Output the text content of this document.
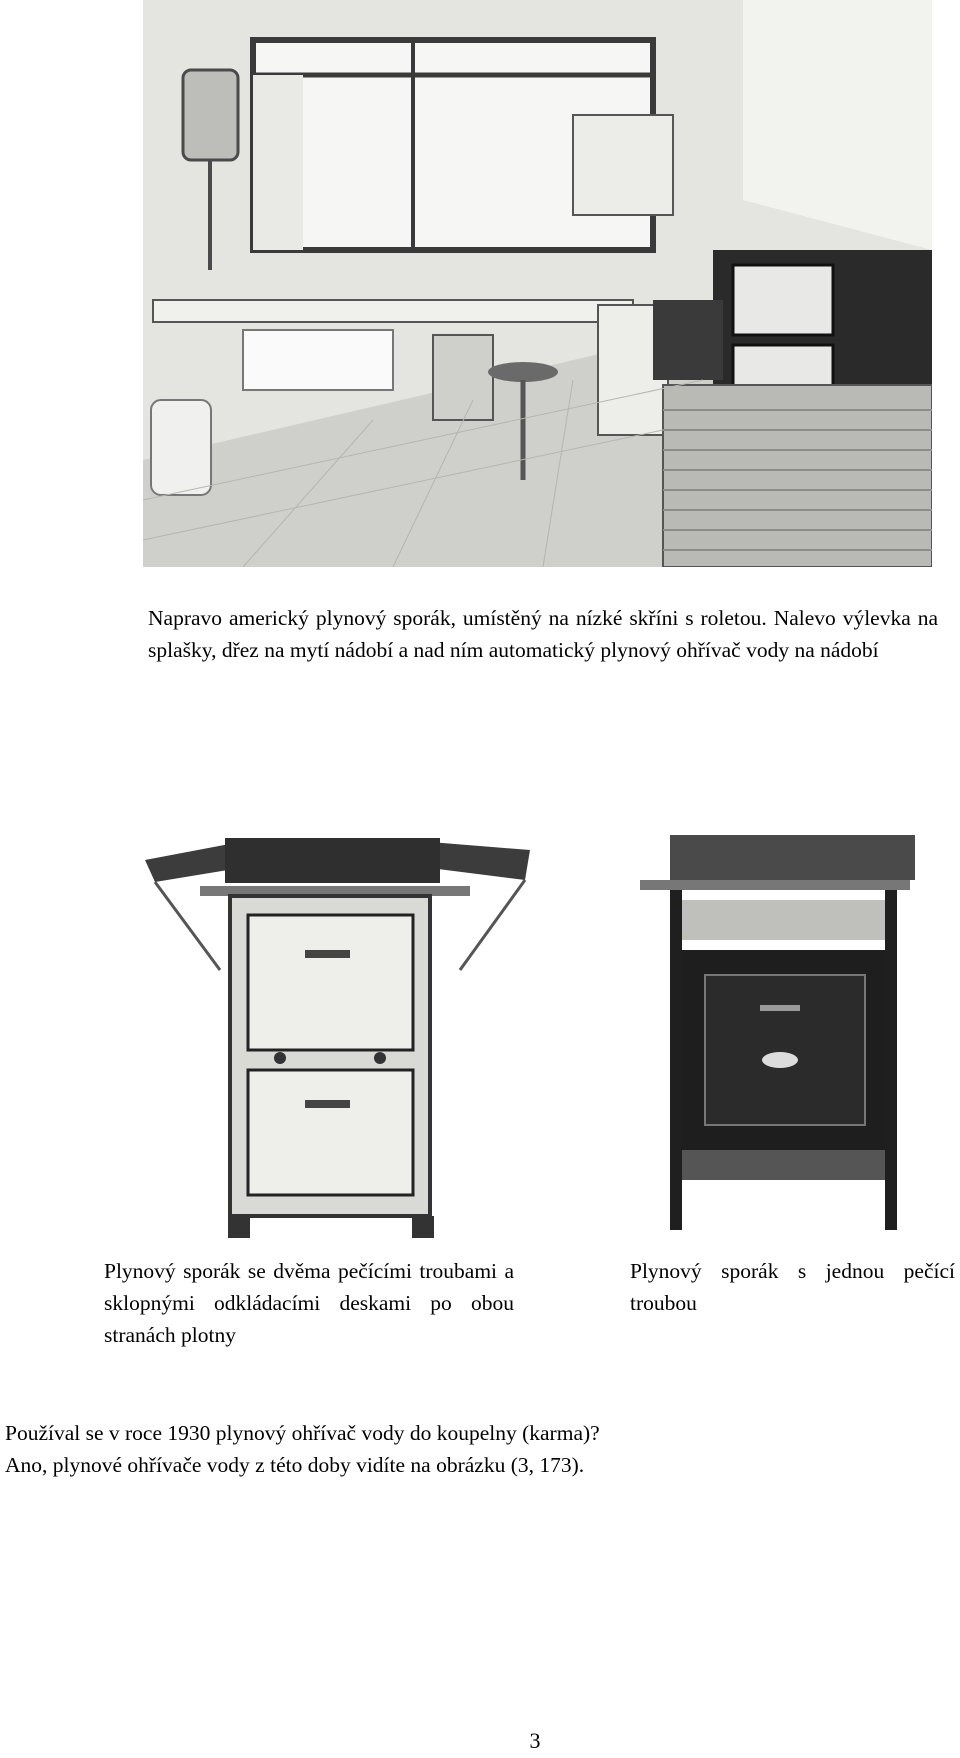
Napravo americký plynový sporák, umístěný na nízké skříni s roletou. Nalevo výlevka na splašky, dřez na mytí nádobí a nad ním automatický plynový ohřívač vody na nádobí
Plynový sporák se dvěma pečícími troubami a sklopnými odkládacími deskami po obou stranách plotny
Plynový sporák s jednou pečící troubou
Používal se v roce 1930 plynový ohřívač vody do koupelny (karma)?
Ano, plynové ohřívače vody z této doby vidíte na obrázku (3, 173).
3
